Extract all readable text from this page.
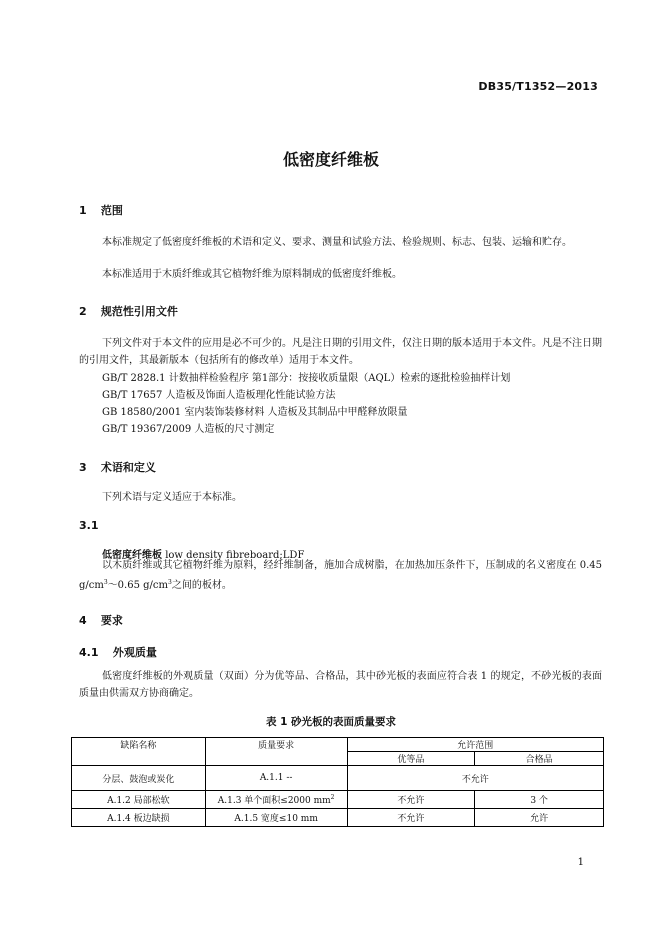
DB35/T1352—2013
低密度纤维板
1 范围
本标准规定了低密度纤维板的术语和定义、要求、测量和试验方法、检验规则、标志、包装、运输和贮存。
本标准适用于木质纤维或其它植物纤维为原料制成的低密度纤维板。
2 规范性引用文件
下列文件对于本文件的应用是必不可少的。凡是注日期的引用文件，仅注日期的版本适用于本文件。凡是不注日期的引用文件，其最新版本（包括所有的修改单）适用于本文件。
GB/T 2828.1 计数抽样检验程序 第1部分：按接收质量限（AQL）检索的逐批检验抽样计划
GB/T 17657 人造板及饰面人造板理化性能试验方法
GB 18580/2001 室内装饰装修材料 人造板及其制品中甲醛释放限量
GB/T 19367/2009 人造板的尺寸测定
3 术语和定义
下列术语与定义适应于本标准。
3.1
低密度纤维板 low density fibreboard;LDF
以木质纤维或其它植物纤维为原料，经纤维制备，施加合成树脂，在加热加压条件下，压制成的名义密度在 0.45 $g/cm^3\sim 0.65$ $g/cm^3$之间的板材。
4 要求
4.1 外观质量
低密度纤维板的外观质量（双面）分为优等品、合格品，其中砂光板的表面应符合表 1 的规定，不砂光板的表面质量由供需双方协商确定。
表 1 砂光板的表面质量要求
缺陷名称	质量要求	允许范围	
		优等品	合格品
分层、鼓泡或炭化	A.1.1 --	不允许	
A.1.2 局部松软	A.1.3 单个面积≤2000 $mm^2$	不允许	3 个
A.1.4 板边缺损	A.1.5 宽度≤10 mm	不允许	允许
1
